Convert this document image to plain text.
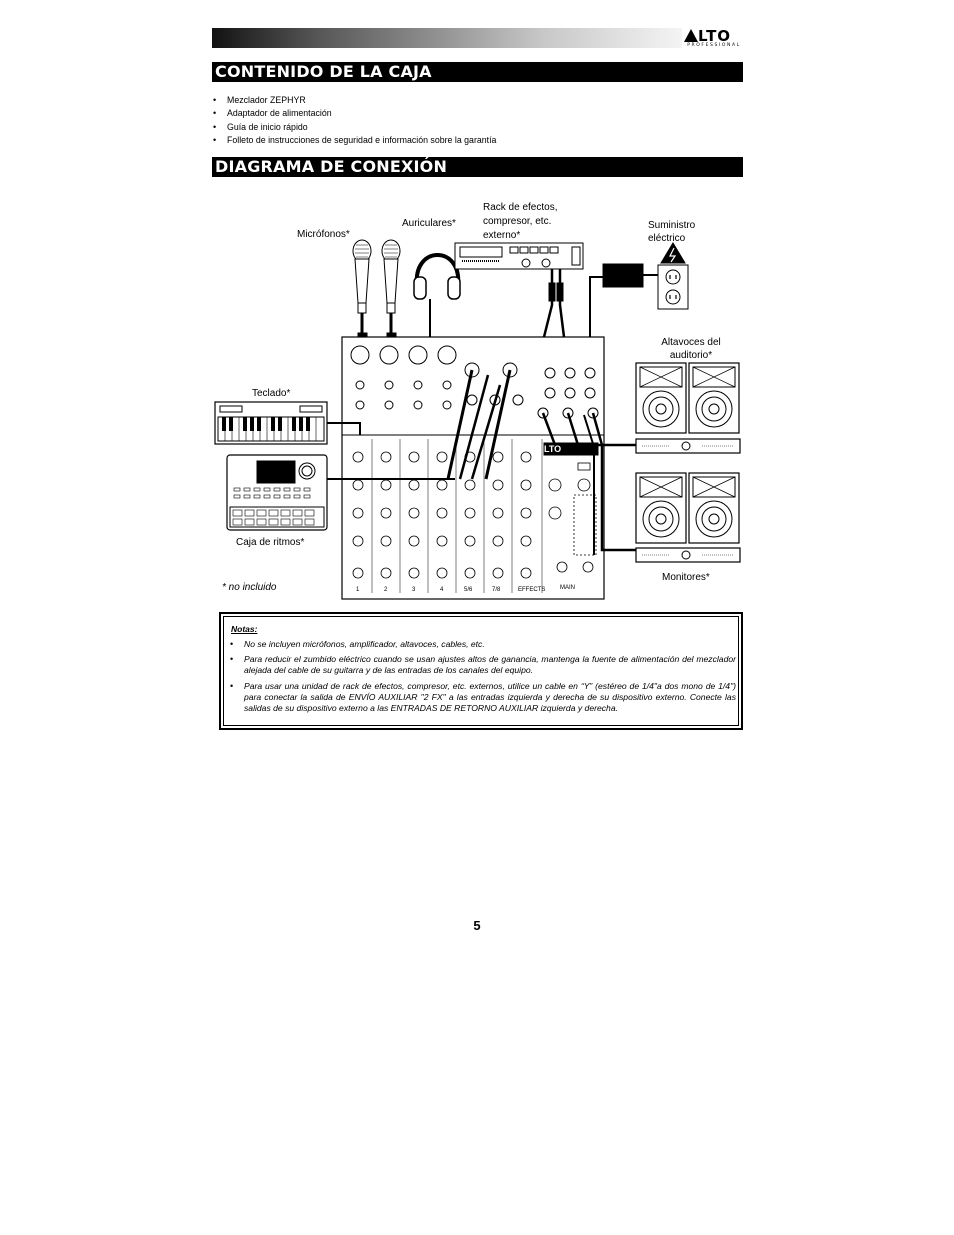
LTO
PROFESSIONAL
CONTENIDO DE LA CAJA
• Mezclador ZEPHYR
• Adaptador de alimentación
• Guía de inicio rápido
• Folleto de instrucciones de seguridad e información sobre la garantía
DIAGRAMA DE CONEXIÓN
LTO
1	2	3	4	5/6	7/8	EFFECTS MAIN
Micrófonos*
Auriculares*
Rack de efectos,
compresor, etc.
externo*
Suministro
eléctrico
Altavoces del
auditorio*
Teclado*
Caja de ritmos*
Monitores*
* no incluido
Notas:
• No se incluyen micrófonos, amplificador, altavoces, cables, etc.
• Para reducir el zumbido eléctrico cuando se usan ajustes altos de ganancia, mantenga la fuente de alimentación del mezclador alejada del cable de su guitarra y de las entradas de los canales del equipo.
• Para usar una unidad de rack de efectos, compresor, etc. externos, utilice un cable en “Y” (estéreo de 1/4"a dos mono de 1/4") para conectar la salida de ENVÍO AUXILIAR "2 FX" a las entradas izquierda y derecha de su dispositivo externo. Conecte las salidas de su dispositivo externo a las ENTRADAS DE RETORNO AUXILIAR izquierda y derecha.
5
